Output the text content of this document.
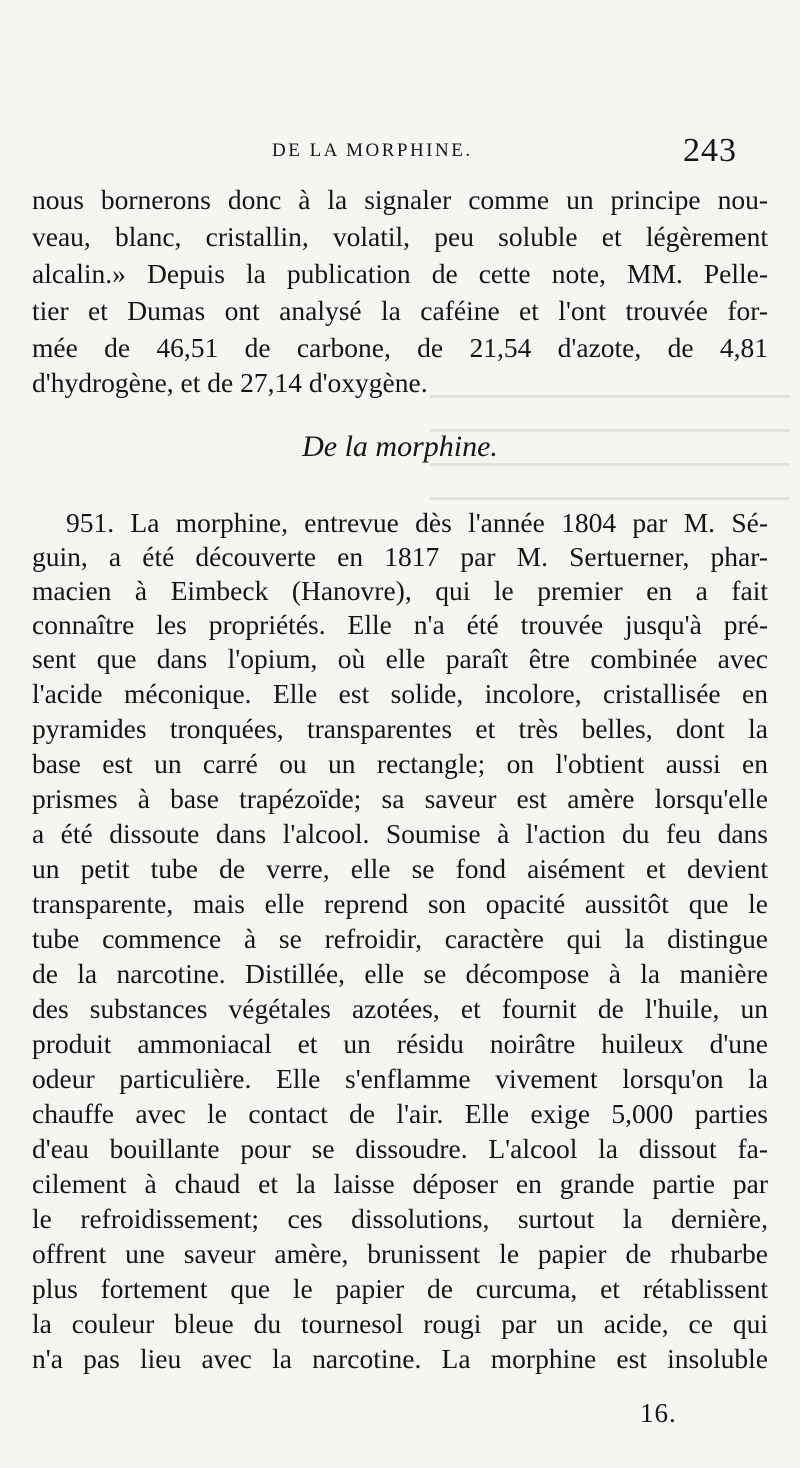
DE LA MORPHINE.	243
nous bornerons donc à la signaler comme un principe nou-
veau, blanc, cristallin, volatil, peu soluble et légèrement
alcalin.» Depuis la publication de cette note, MM. Pelle-
tier et Dumas ont analysé la caféine et l'ont trouvée for-
mée de 46,51 de carbone, de 21,54 d'azote, de 4,81
d'hydrogène, et de 27,14 d'oxygène.
De la morphine.
951. La morphine, entrevue dès l'année 1804 par M. Sé-
guin, a été découverte en 1817 par M. Sertuerner, phar-
macien à Eimbeck (Hanovre), qui le premier en a fait
connaître les propriétés. Elle n'a été trouvée jusqu'à pré-
sent que dans l'opium, où elle paraît être combinée avec
l'acide méconique. Elle est solide, incolore, cristallisée en
pyramides tronquées, transparentes et très belles, dont la
base est un carré ou un rectangle; on l'obtient aussi en
prismes à base trapézoïde; sa saveur est amère lorsqu'elle
a été dissoute dans l'alcool. Soumise à l'action du feu dans
un petit tube de verre, elle se fond aisément et devient
transparente, mais elle reprend son opacité aussitôt que le
tube commence à se refroidir, caractère qui la distingue
de la narcotine. Distillée, elle se décompose à la manière
des substances végétales azotées, et fournit de l'huile, un
produit ammoniacal et un résidu noirâtre huileux d'une
odeur particulière. Elle s'enflamme vivement lorsqu'on la
chauffe avec le contact de l'air. Elle exige 5,000 parties
d'eau bouillante pour se dissoudre. L'alcool la dissout fa-
cilement à chaud et la laisse déposer en grande partie par
le refroidissement; ces dissolutions, surtout la dernière,
offrent une saveur amère, brunissent le papier de rhubarbe
plus fortement que le papier de curcuma, et rétablissent
la couleur bleue du tournesol rougi par un acide, ce qui
n'a pas lieu avec la narcotine. La morphine est insoluble
16.
